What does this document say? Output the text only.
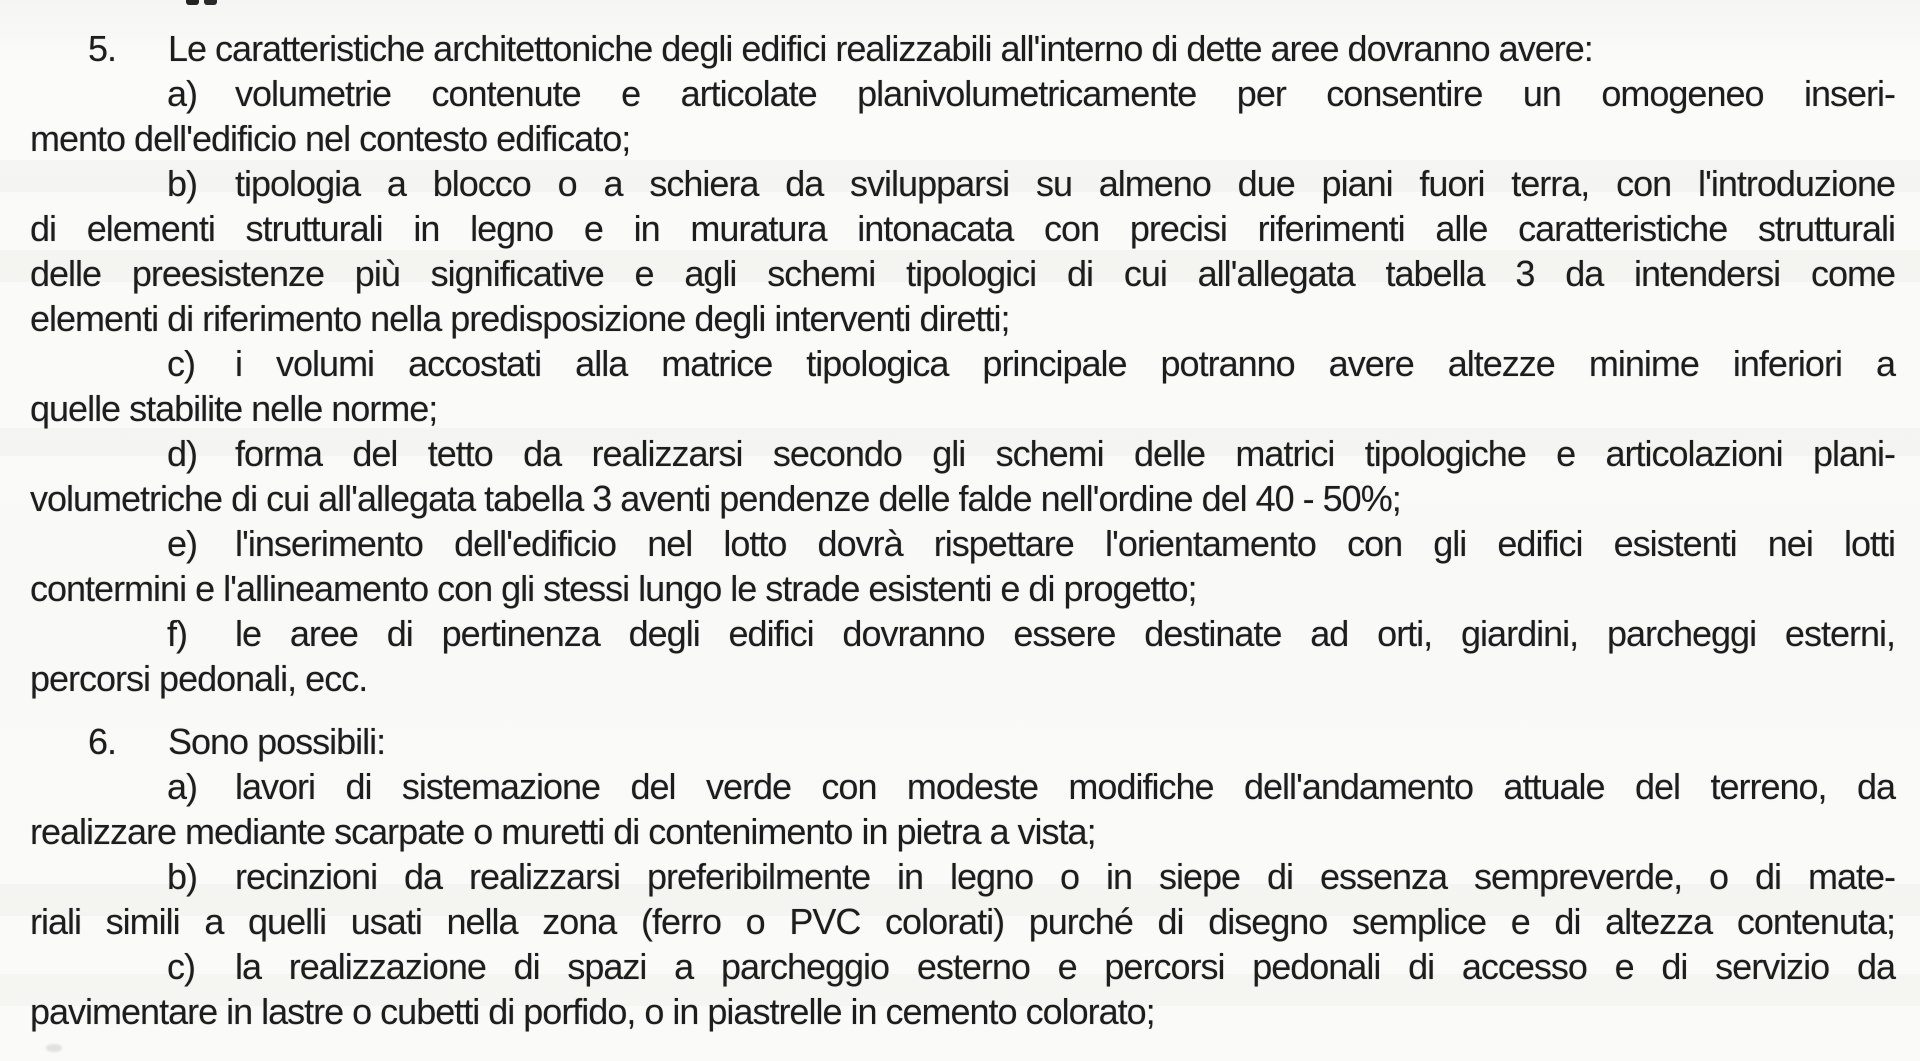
5. Le caratteristiche architettoniche degli edifici realizzabili all'interno di dette aree dovranno avere:
a) volumetrie contenute e articolate planivolumetricamente per consentire un omogeneo inseri-
mento dell'edificio nel contesto edificato;
b) tipologia a blocco o a schiera da svilupparsi su almeno due piani fuori terra, con l'introduzione
di elementi strutturali in legno e in muratura intonacata con precisi riferimenti alle caratteristiche strutturali
delle preesistenze più significative e agli schemi tipologici di cui all'allegata tabella 3 da intendersi come
elementi di riferimento nella predisposizione degli interventi diretti;
c) i volumi accostati alla matrice tipologica principale potranno avere altezze minime inferiori a
quelle stabilite nelle norme;
d) forma del tetto da realizzarsi secondo gli schemi delle matrici tipologiche e articolazioni plani-
volumetriche di cui all'allegata tabella 3 aventi pendenze delle falde nell'ordine del 40 - 50%;
e) l'inserimento dell'edificio nel lotto dovrà rispettare l'orientamento con gli edifici esistenti nei lotti
contermini e l'allineamento con gli stessi lungo le strade esistenti e di progetto;
f) le aree di pertinenza degli edifici dovranno essere destinate ad orti, giardini, parcheggi esterni,
percorsi pedonali, ecc.
6. Sono possibili:
a) lavori di sistemazione del verde con modeste modifiche dell'andamento attuale del terreno, da
realizzare mediante scarpate o muretti di contenimento in pietra a vista;
b) recinzioni da realizzarsi preferibilmente in legno o in siepe di essenza sempreverde, o di mate-
riali simili a quelli usati nella zona (ferro o PVC colorati) purché di disegno semplice e di altezza contenuta;
c) la realizzazione di spazi a parcheggio esterno e percorsi pedonali di accesso e di servizio da
pavimentare in lastre o cubetti di porfido, o in piastrelle in cemento colorato;
